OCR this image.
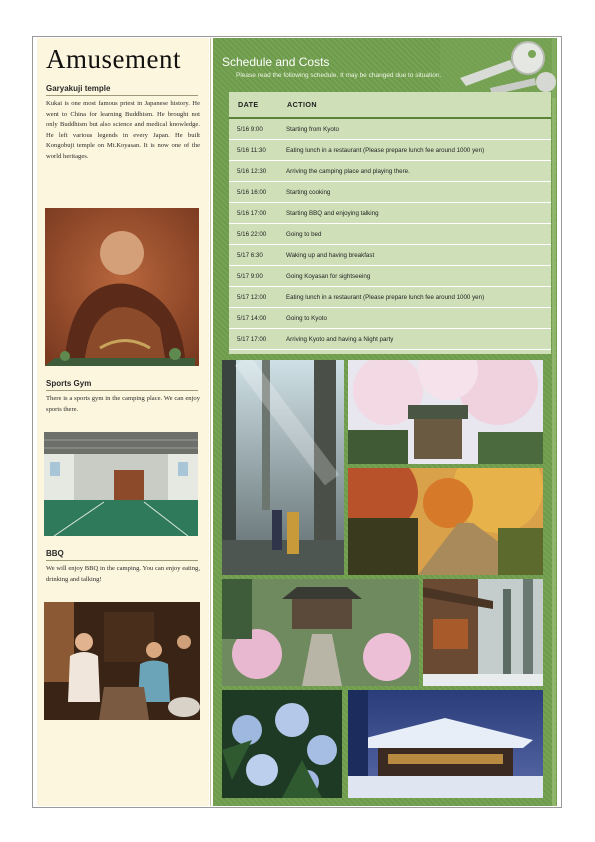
Amusement
Garyakuji temple
Kukai is one most famous priest in Japanese history. He went to China for learning Buddhism. He brought not only Buddhism but also science and medical knowledge. He left various legends in every Japan. He built Kongobuji temple on Mt.Koyasan. It is now one of the world heritages.
Sports Gym
There is a sports gym in the camping place. We can enjoy sports there.
BBQ
We will enjoy BBQ in the camping. You can enjoy eating, drinking and talking!
Schedule and Costs
Please read the following schedule. It may be changed due to situation.
DATE	ACTION
5/16 9:00	Starting from Kyoto
5/16 11:30	Eating lunch in a restaurant (Please prepare lunch fee around 1000 yen)
5/16 12:30	Arriving the camping place and playing there.
5/16 16:00	Starting cooking
5/16 17:00	Starting BBQ and enjoying talking
5/16 22:00	Going to bed
5/17 6:30	Waking up and having breakfast
5/17 9:00	Going Koyasan for sightseeing
5/17 12:00	Eating lunch in a restaurant (Please prepare lunch fee around 1000 yen)
5/17 14:00	Going to Kyoto
5/17 17:00	Arriving Kyoto and having a Night party
